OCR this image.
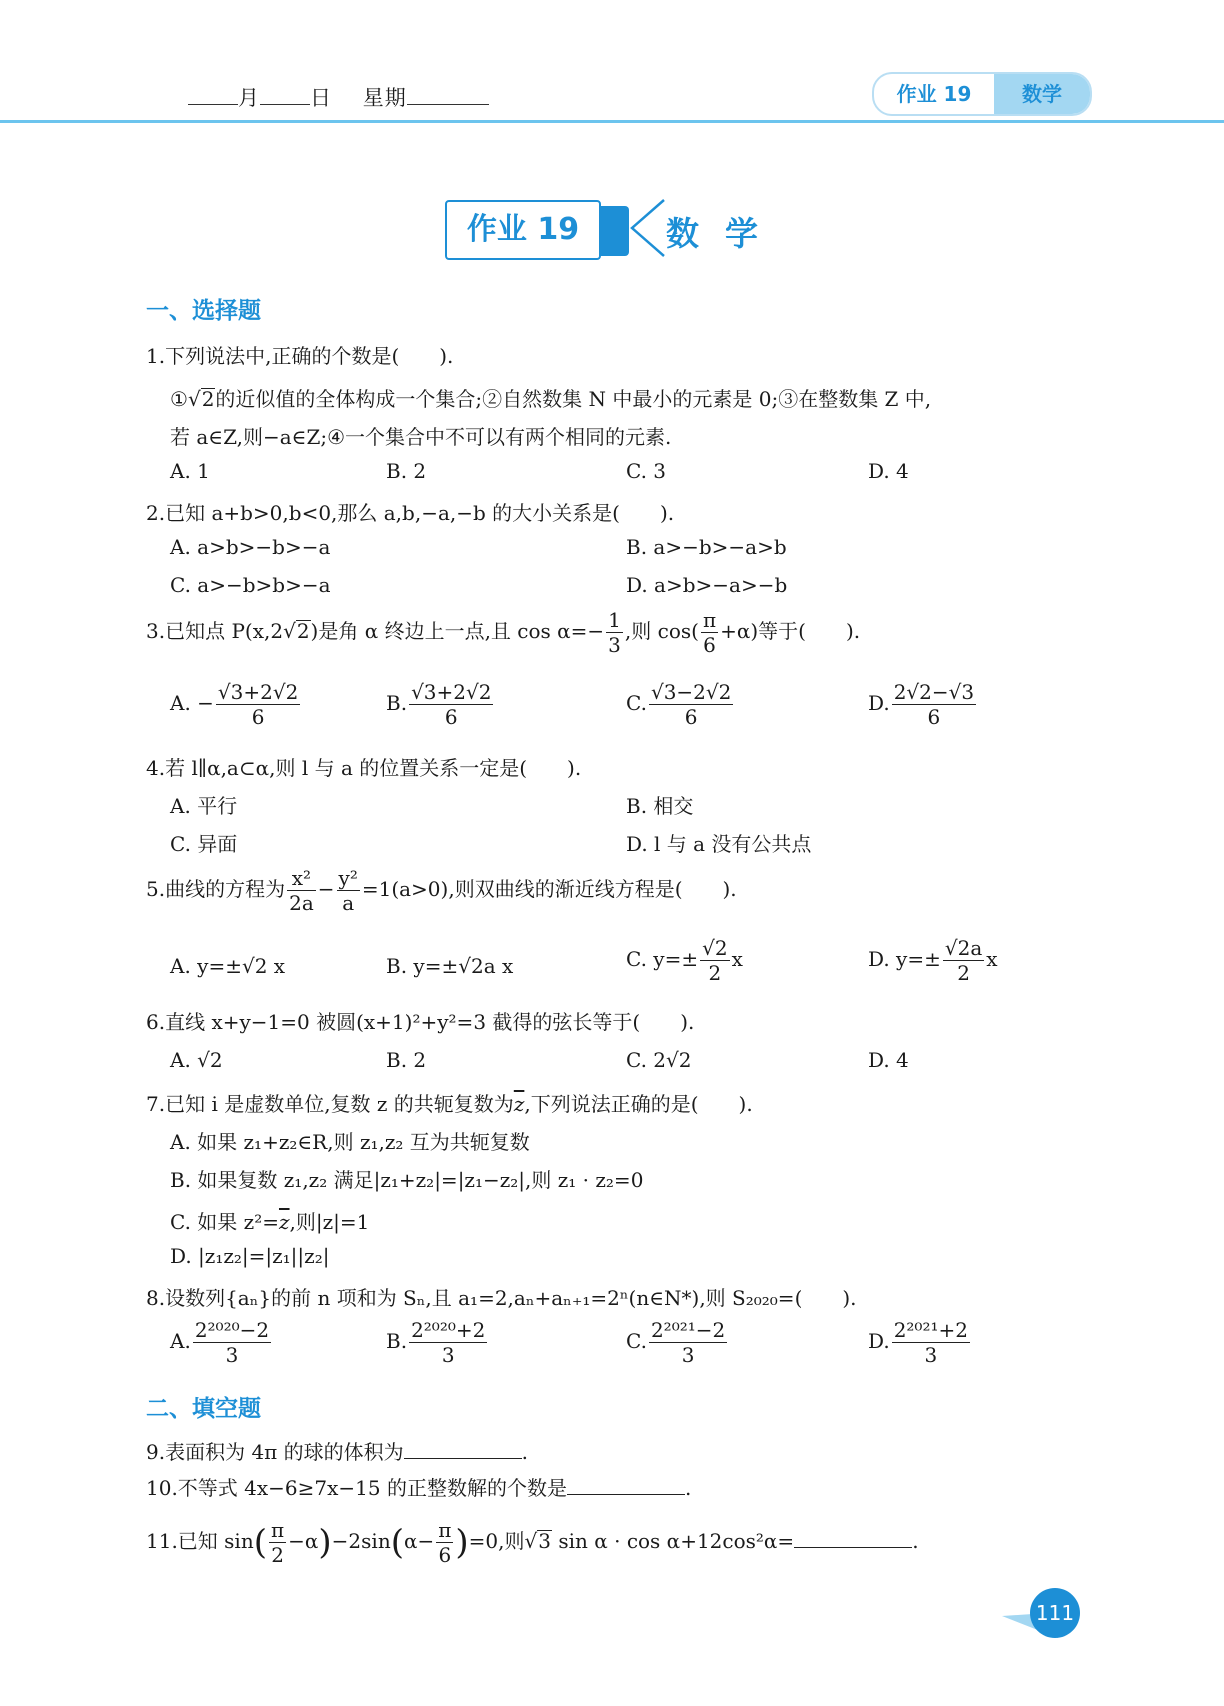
月 日 星期	作业 19	数学
作业 19	数学
一、选择题
1.下列说法中,正确的个数是(　　).
①√2的近似值的全体构成一个集合;②自然数集 N 中最小的元素是 0;③在整数集 Z 中,
若 a∈Z,则−a∈Z;④一个集合中不可以有两个相同的元素.
A. 1	B. 2	C. 3	D. 4
2.已知 a+b>0,b<0,那么 a,b,−a,−b 的大小关系是(　　).
A. a>b>−b>−a	B. a>−b>−a>b
C. a>−b>b>−a	D. a>b>−a>−b
3.已知点 P(x,2√2)是角 α 终边上一点,且 $\cos \alpha=- \frac{1}{3}$ ,则 $\cos( \frac{\pi}{6} +\alpha)$等于(　　).
A. − $\frac{√3+2√2}{6}$	B. $\frac{√3+2√2}{6}$	C. $\frac{√3-2√2}{6}$	D. $\frac{2√2-√3}{6}$
4.若 l∥α,a⊂α,则 l 与 a 的位置关系一定是(　　).
A. 平行	B. 相交
C. 异面	D. l 与 a 没有公共点
5.曲线的方程为 $\frac{\text{x²}}{2a} - \frac{\text{y²}}{a} =1(a>0)$,则双曲线的渐近线方程是(　　).
A. y=±√2 x	B. y=±√2a x	C. $y=\pm \frac{√2}{2}$ x	D. $y=\pm \frac{√2a}{2}$ x
6.直线 x+y−1=0 被圆(x+1)²+y²=3 截得的弦长等于(　　).
A. √2	B. 2	C. 2√2	D. 4
7.已知 i 是虚数单位,复数 z 的共轭复数为$\overline{z}$,下列说法正确的是(　　).
A. 如果 z₁+z₂∈R,则 z₁,z₂ 互为共轭复数
B. 如果复数 z₁,z₂ 满足|z₁+z₂|=|z₁−z₂|,则 z₁ · z₂=0
C. 如果 $z^2=\overline{z}$,则|z|=1
D. |z₁z₂|=|z₁||z₂|
8.设数列{aₙ}的前 n 项和为 Sₙ,且 a₁=2,aₙ+aₙ₊₁=2ⁿ(n∈N*),则 S₂₀₂₀=(　　).
A. $\frac{\text{2²⁰²⁰−2}}{3}$	B. $\frac{\text{2²⁰²⁰+2}}{3}$	C. $\frac{\text{2²⁰²¹−2}}{3}$	D. $\frac{\text{2²⁰²¹+2}}{3}$
二、填空题
9.表面积为 4π 的球的体积为	.
10.不等式 4x−6≥7x−15 的正整数解的个数是	.
11.已知 $\sin( \frac{\pi}{2} -\alpha)-2\sin(\alpha- \frac{\pi}{6} )=0$,则√3 sin α · cos α+12cos²α=	.
111
